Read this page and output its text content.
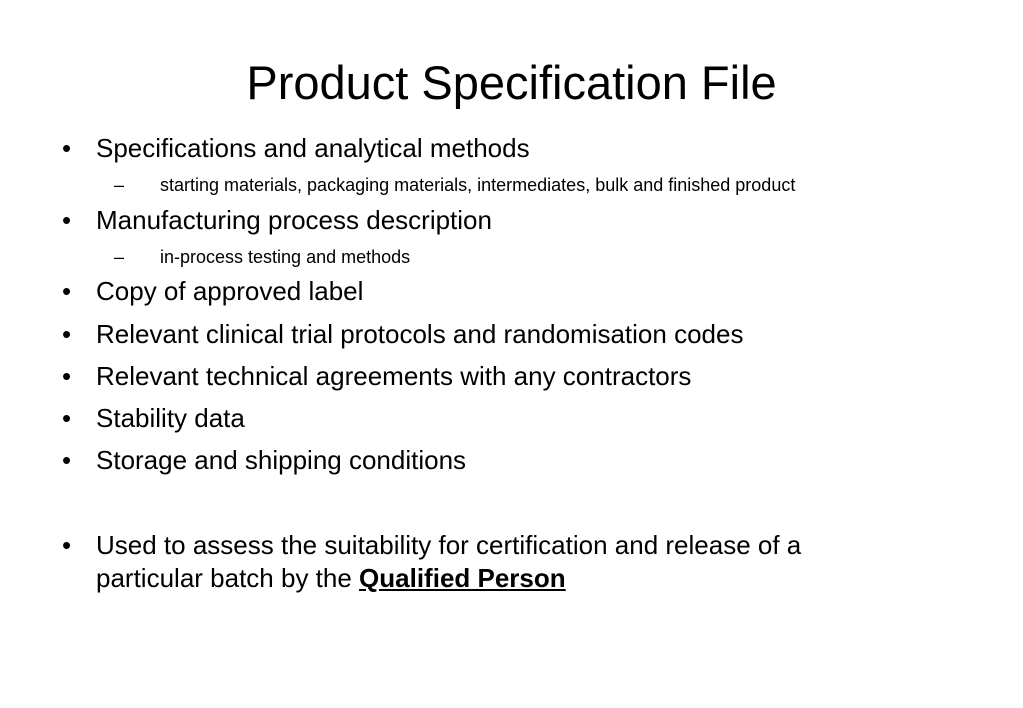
Product Specification File
• Specifications and analytical methods
– starting materials, packaging materials, intermediates, bulk and finished product
• Manufacturing process description
– in-process testing and methods
• Copy of approved label
• Relevant clinical trial protocols and randomisation codes
• Relevant technical agreements with any contractors
• Stability data
• Storage and shipping conditions
• Used to assess the suitability for certification and release of a
particular batch by the Qualified Person
